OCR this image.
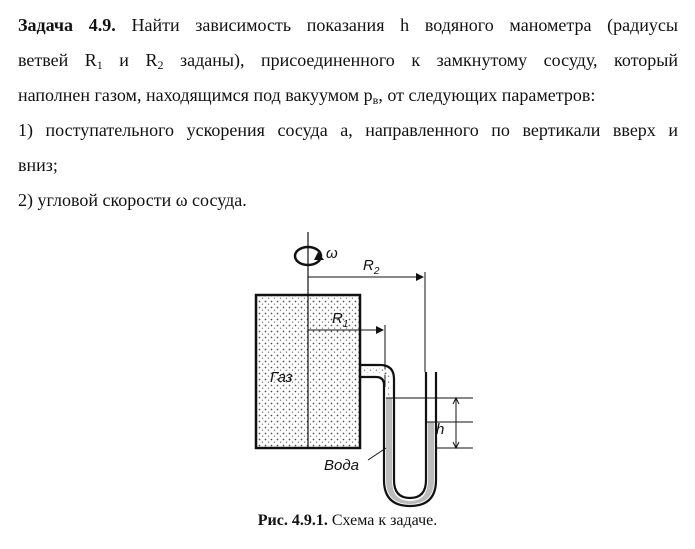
Задача 4.9. Найти зависимость показания h водяного манометра (радиусы

ветвей $R_1$ и $R_2$ заданы), присоединенного к замкнутому сосуду, который

наполнен газом, находящимся под вакуумом $p_в$, от следующих параметров:

1) поступательного ускорения сосуда a, направленного по вертикали вверх и

вниз;

2) угловой скорости ω сосуда.

ω
$R_2$
$R_1$
Газ
h
Вода
Рис. 4.9.1. Схема к задаче.
